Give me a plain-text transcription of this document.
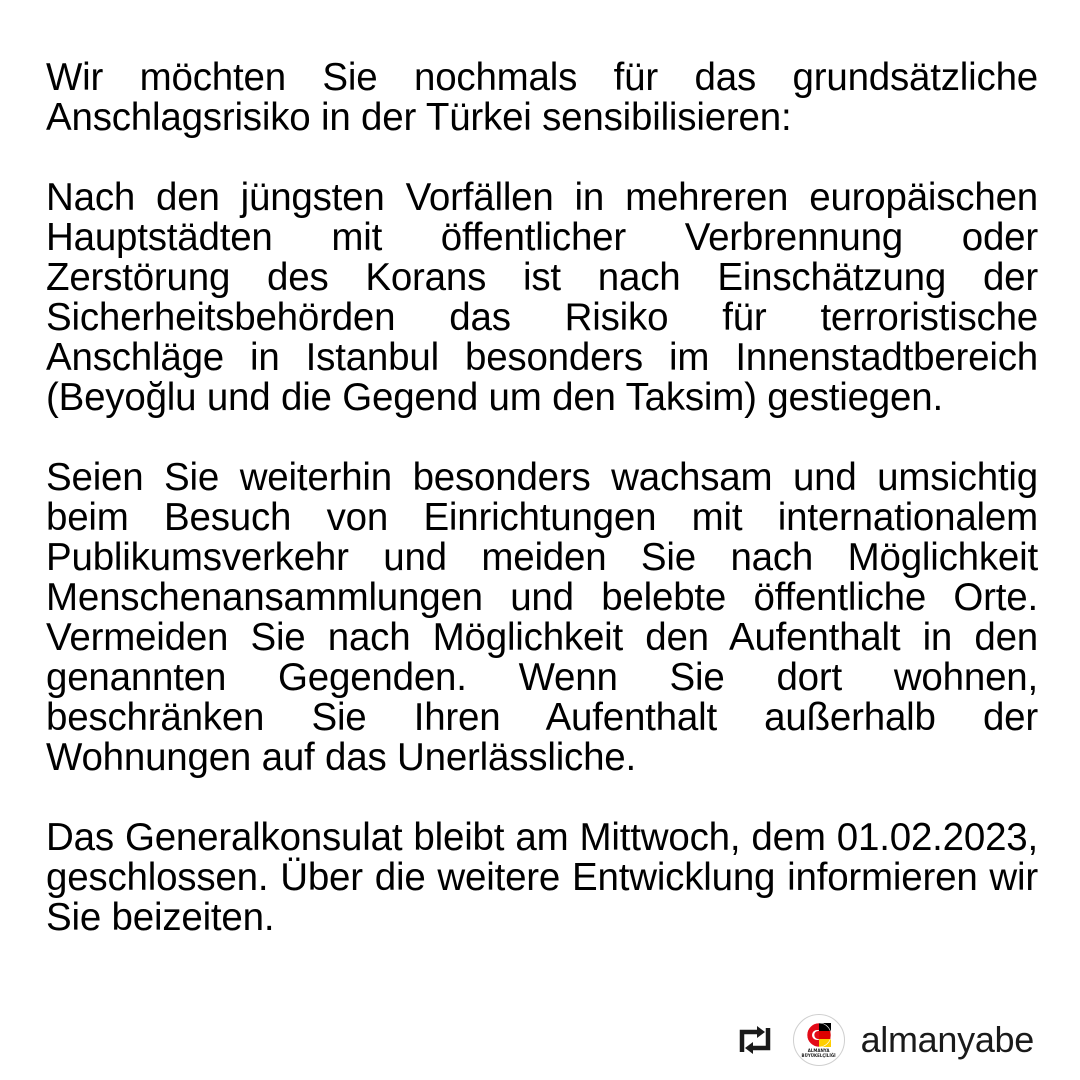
Wir möchten Sie nochmals für das grundsätzliche Anschlagsrisiko in der Türkei sensibilisieren:

Nach den jüngsten Vorfällen in mehreren europäischen Hauptstädten mit öffentlicher Verbrennung oder Zerstörung des Korans ist nach Einschätzung der Sicherheitsbehörden das Risiko für terroristische Anschläge in Istanbul besonders im Innenstadtbereich (Beyoğlu und die Gegend um den Taksim) gestiegen.

Seien Sie weiterhin besonders wachsam und umsichtig beim Besuch von Einrichtungen mit internationalem Publikumsverkehr und meiden Sie nach Möglichkeit Menschenansammlungen und belebte öffentliche Orte. Vermeiden Sie nach Möglichkeit den Aufenthalt in den genannten Gegenden. Wenn Sie dort wohnen, beschränken Sie Ihren Aufenthalt außerhalb der Wohnungen auf das Unerlässliche.

Das Generalkonsulat bleibt am Mittwoch, dem 01.02.2023, geschlossen. Über die weitere Entwicklung informieren wir Sie beizeiten.

ALMANYA
BÜYÜKELÇİLİĞİ almanyabe
